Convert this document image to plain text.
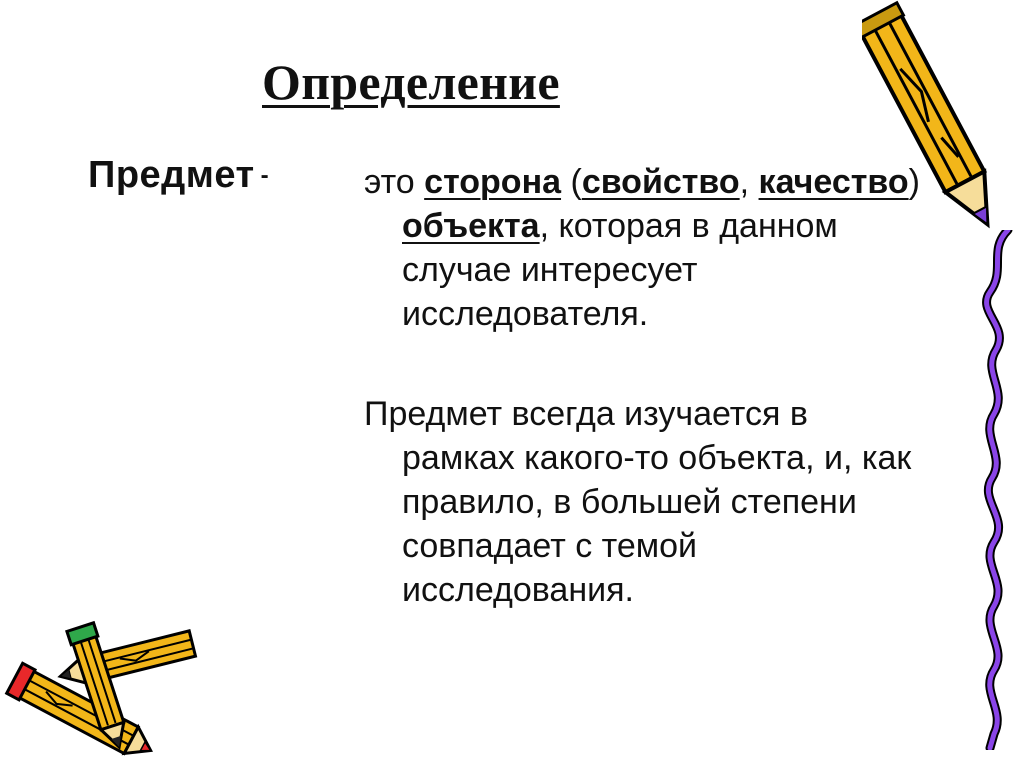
Определение
Предмет -	это сторона (свойство, качество) объекта, которая в данном случае интересует исследователя.

Предмет всегда изучается в рамках какого-то объекта, и, как правило, в большей степени совпадает с темой исследования.
